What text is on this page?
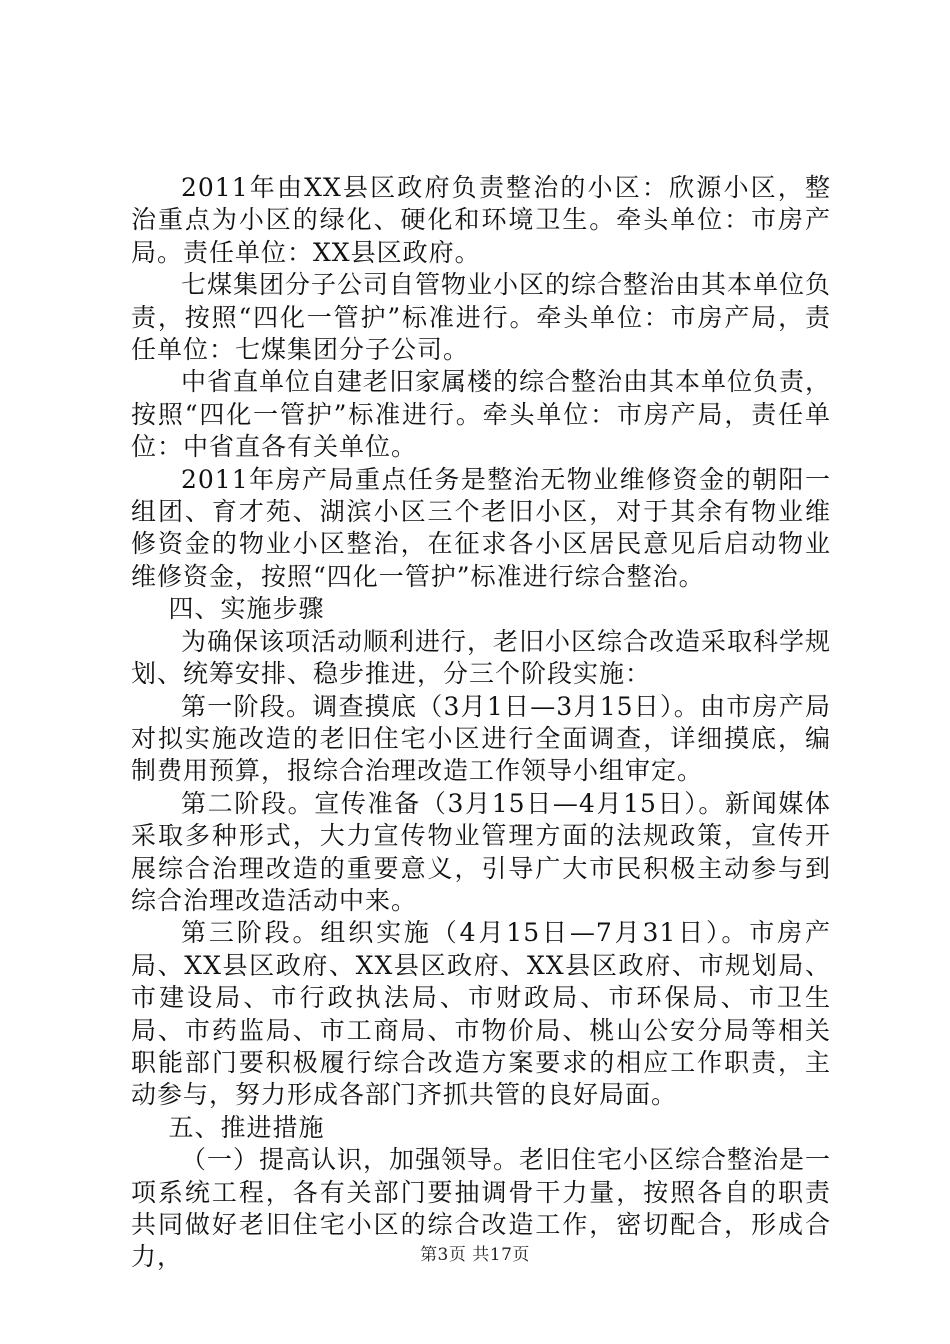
2011年由XX县区政府负责整治的小区：欣源小区，整治重点为小区的绿化、硬化和环境卫生。牵头单位：市房产局。责任单位：XX县区政府。

七煤集团分子公司自管物业小区的综合整治由其本单位负责，按照“四化一管护”标准进行。牵头单位：市房产局，责任单位：七煤集团分子公司。

中省直单位自建老旧家属楼的综合整治由其本单位负责，按照“四化一管护”标准进行。牵头单位：市房产局，责任单位：中省直各有关单位。

2011年房产局重点任务是整治无物业维修资金的朝阳一组团、育才苑、湖滨小区三个老旧小区，对于其余有物业维修资金的物业小区整治，在征求各小区居民意见后启动物业维修资金，按照“四化一管护”标准进行综合整治。

四、实施步骤

为确保该项活动顺利进行，老旧小区综合改造采取科学规划、统筹安排、稳步推进，分三个阶段实施：

第一阶段。调查摸底（3月1日—3月15日）。由市房产局对拟实施改造的老旧住宅小区进行全面调查，详细摸底，编制费用预算，报综合治理改造工作领导小组审定。

第二阶段。宣传准备（3月15日—4月15日）。新闻媒体采取多种形式，大力宣传物业管理方面的法规政策，宣传开展综合治理改造的重要意义，引导广大市民积极主动参与到综合治理改造活动中来。

第三阶段。组织实施（4月15日—7月31日）。市房产局、XX县区政府、XX县区政府、XX县区政府、市规划局、市建设局、市行政执法局、市财政局、市环保局、市卫生局、市药监局、市工商局、市物价局、桃山公安分局等相关职能部门要积极履行综合改造方案要求的相应工作职责，主动参与，努力形成各部门齐抓共管的良好局面。

五、推进措施

（一）提高认识，加强领导。老旧住宅小区综合整治是一项系统工程，各有关部门要抽调骨干力量，按照各自的职责共同做好老旧住宅小区的综合改造工作，密切配合，形成合力，	第3页 共17页
